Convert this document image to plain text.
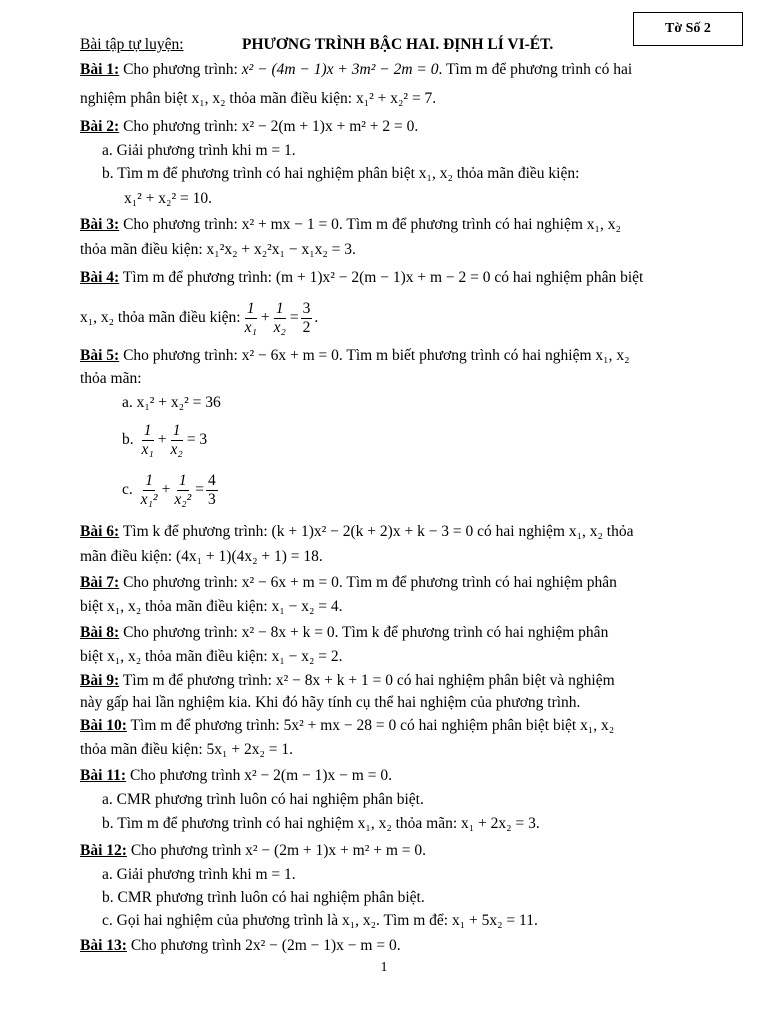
Tờ Số 2
Bài tập tự luyện:	PHƯƠNG TRÌNH BẬC HAI. ĐỊNH LÍ VI-ÉT.
Bài 1: Cho phương trình: x² − (4m − 1)x + 3m² − 2m = 0. Tìm m để phương trình có hai
nghiệm phân biệt x₁, x₂ thỏa mãn điều kiện: x₁² + x₂² = 7.
Bài 2: Cho phương trình: x² − 2(m + 1)x + m² + 2 = 0.
a. Giải phương trình khi m = 1.
b. Tìm m để phương trình có hai nghiệm phân biệt x₁, x₂ thỏa mãn điều kiện:
x₁² + x₂² = 10.
Bài 3: Cho phương trình: x² + mx − 1 = 0. Tìm m để phương trình có hai nghiệm x₁, x₂
thỏa mãn điều kiện: x₁²x₂ + x₂²x₁ − x₁x₂ = 3.
Bài 4: Tìm m để phương trình: (m + 1)x² − 2(m − 1)x + m − 2 = 0 có hai nghiệm phân biệt
x₁, x₂ thỏa mãn điều kiện: $\frac{1}{\text{x₁}} + \frac{1}{\text{x₂}} = \frac{3}{2}$ .
Bài 5: Cho phương trình: x² − 6x + m = 0. Tìm m biết phương trình có hai nghiệm x₁, x₂
thỏa mãn:
a. x₁² + x₂² = 36
b.
$\frac{1}{\text{x₁}} + \frac{1}{\text{x₂}} = 3$
c.
$\frac{1}{\text{x₁²}} + \frac{1}{\text{x₂²}} = \frac{4}{3}$
Bài 6: Tìm k để phương trình: (k + 1)x² − 2(k + 2)x + k − 3 = 0 có hai nghiệm x₁, x₂ thỏa
mãn điều kiện: (4x₁ + 1)(4x₂ + 1) = 18.
Bài 7: Cho phương trình: x² − 6x + m = 0. Tìm m để phương trình có hai nghiệm phân
biệt x₁, x₂ thỏa mãn điều kiện: x₁ − x₂ = 4.
Bài 8: Cho phương trình: x² − 8x + k = 0. Tìm k để phương trình có hai nghiệm phân
biệt x₁, x₂ thỏa mãn điều kiện: x₁ − x₂ = 2.
Bài 9: Tìm m để phương trình: x² − 8x + k + 1 = 0 có hai nghiệm phân biệt và nghiệm
này gấp hai lần nghiệm kia. Khi đó hãy tính cụ thể hai nghiệm của phương trình.
Bài 10: Tìm m để phương trình: 5x² + mx − 28 = 0 có hai nghiệm phân biệt biệt x₁, x₂
thỏa mãn điều kiện: 5x₁ + 2x₂ = 1.
Bài 11: Cho phương trình x² − 2(m − 1)x − m = 0.
a. CMR phương trình luôn có hai nghiệm phân biệt.
b. Tìm m để phương trình có hai nghiệm x₁, x₂ thỏa mãn: x₁ + 2x₂ = 3.
Bài 12: Cho phương trình x² − (2m + 1)x + m² + m = 0.
a. Giải phương trình khi m = 1.
b. CMR phương trình luôn có hai nghiệm phân biệt.
c. Gọi hai nghiệm của phương trình là x₁, x₂. Tìm m để: x₁ + 5x₂ = 11.
Bài 13: Cho phương trình 2x² − (2m − 1)x − m = 0.
1
